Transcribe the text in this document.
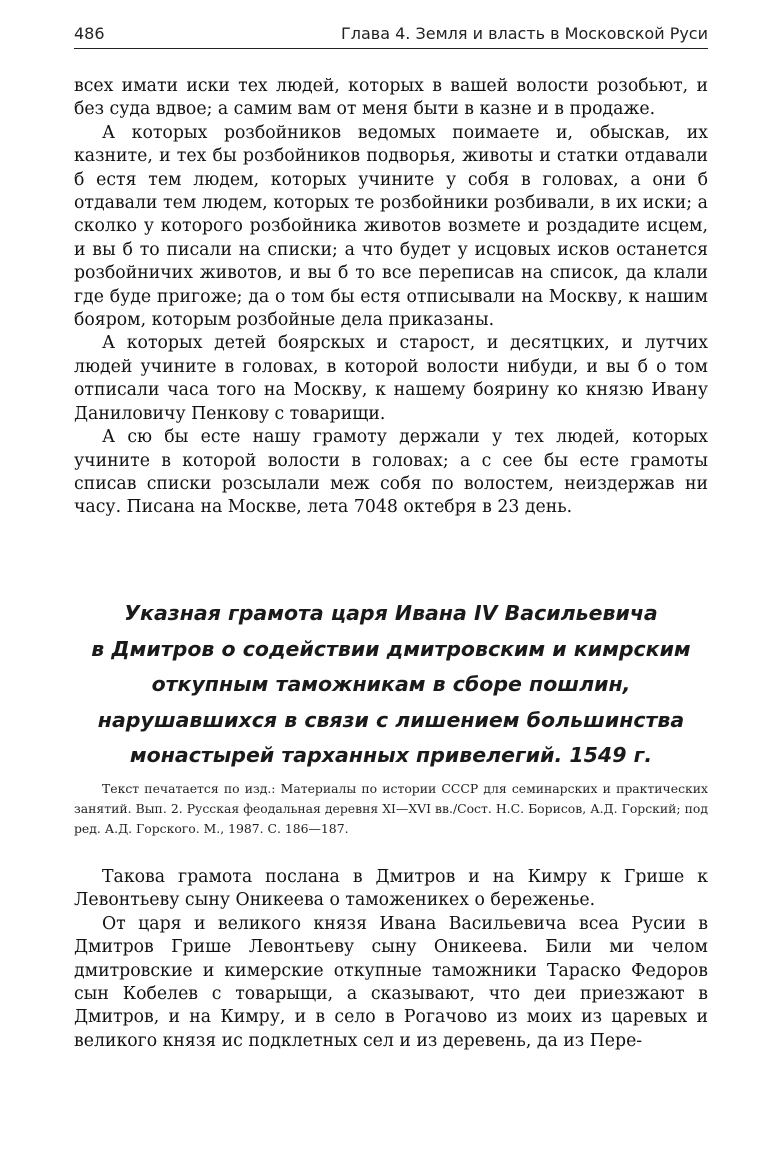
486	Глава 4. Земля и власть в Московской Руси

всех имати иски тех людей, которых в вашей волости розобьют, и без суда вдвое; а самим вам от меня быти в казне и в продаже.

А которых розбойников ведомых поимаете и, обыскав, их казните, и тех бы розбойников подворья, животы и статки отдавали б естя тем людем, которых учините у собя в головах, а они б отдавали тем людем, которых те розбойники розбивали, в их иски; а сколко у которого розбойника животов возмете и роздадите исцем, и вы б то писали на списки; а что будет у исцовых исков останется розбойничих животов, и вы б то все переписав на список, да клали где буде пригоже; да о том бы естя отписывали на Москву, к нашим бояром, которым розбойные дела приказаны.

А которых детей боярскых и старост, и десятцких, и лутчих людей учините в головах, в которой волости нибуди, и вы б о том отписали часа того на Москву, к нашему боярину ко князю Ивану Даниловичу Пенкову с товарищи.

А сю бы есте нашу грамоту держали у тех людей, которых учините в которой волости в головах; а с сее бы есте грамоты списав списки розсылали меж собя по волостем, неиздержав ни часу. Писана на Москве, лета 7048 октебря в 23 день.

Указная грамота царя Ивана IV Васильевича
в Дмитров о содействии дмитровским и кимрским
откупным таможникам в сборе пошлин,
нарушавшихся в связи с лишением большинства
монастырей тарханных привелегий. 1549 г.

Текст печатается по изд.: Материалы по истории СССР для семинарских и практических занятий. Вып. 2. Русская феодальная деревня XI—XVI вв./Сост. Н.С. Борисов, А.Д. Горский; под ред. А.Д. Горского. М., 1987. С. 186—187.

Такова грамота послана в Дмитров и на Кимру к Грише к Левонтьеву сыну Оникеева о таможеникех о береженье.

От царя и великого князя Ивана Васильевича всеа Русии в Дмитров Грише Левонтьеву сыну Оникеева. Били ми челом дмитровские и кимерские откупные таможники Тараско Федоров сын Кобелев с товарыщи, а сказывают, что деи приезжают в Дмитров, и на Кимру, и в село в Рогачово из моих из царевых и великого князя ис подклетных сел и из деревень, да из Пере-
